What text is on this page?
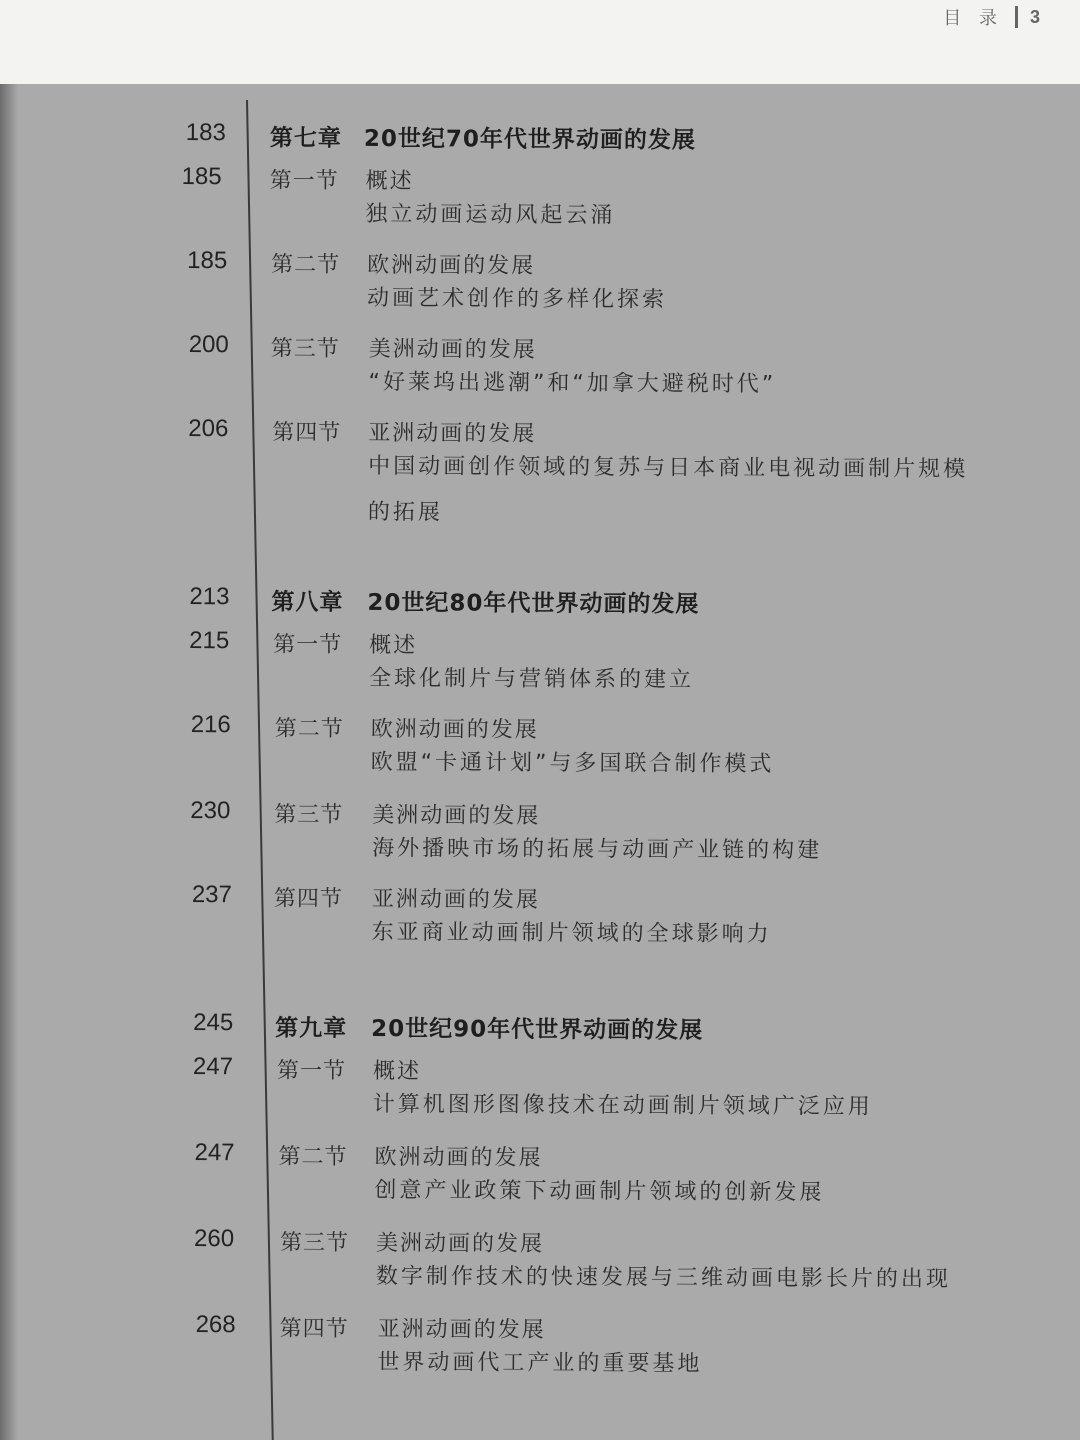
目 录 3
183 第七章 20世纪70年代世界动画的发展
185 第一节 概述
独立动画运动风起云涌
185 第二节 欧洲动画的发展
动画艺术创作的多样化探索
200 第三节 美洲动画的发展
“好莱坞出逃潮”和“加拿大避税时代”
206 第四节 亚洲动画的发展
中国动画创作领域的复苏与日本商业电视动画制片规模的拓展
213 第八章 20世纪80年代世界动画的发展
215 第一节 概述
全球化制片与营销体系的建立
216 第二节 欧洲动画的发展
欧盟“卡通计划”与多国联合制作模式
230 第三节 美洲动画的发展
海外播映市场的拓展与动画产业链的构建
237 第四节 亚洲动画的发展
东亚商业动画制片领域的全球影响力
245 第九章 20世纪90年代世界动画的发展
247 第一节 概述
计算机图形图像技术在动画制片领域广泛应用
247 第二节 欧洲动画的发展
创意产业政策下动画制片领域的创新发展
260 第三节 美洲动画的发展
数字制作技术的快速发展与三维动画电影长片的出现
268 第四节 亚洲动画的发展
世界动画代工产业的重要基地
